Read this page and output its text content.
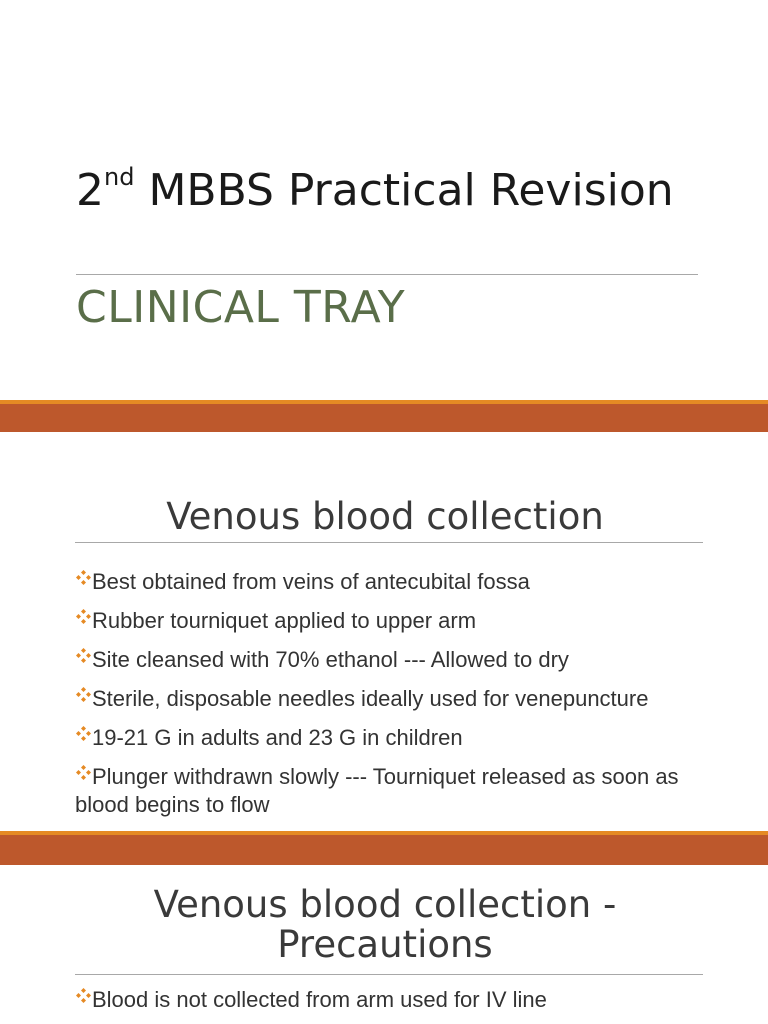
2nd MBBS Practical Revision
CLINICAL TRAY
Venous blood collection
Best obtained from veins of antecubital fossa
Rubber tourniquet applied to upper arm
Site cleansed with 70% ethanol --- Allowed to dry
Sterile, disposable needles ideally used for venepuncture
19-21 G in adults and 23 G in children
Plunger withdrawn slowly --- Tourniquet released as soon as blood begins to flow
Venous blood collection -
Precautions
Blood is not collected from arm used for IV line
